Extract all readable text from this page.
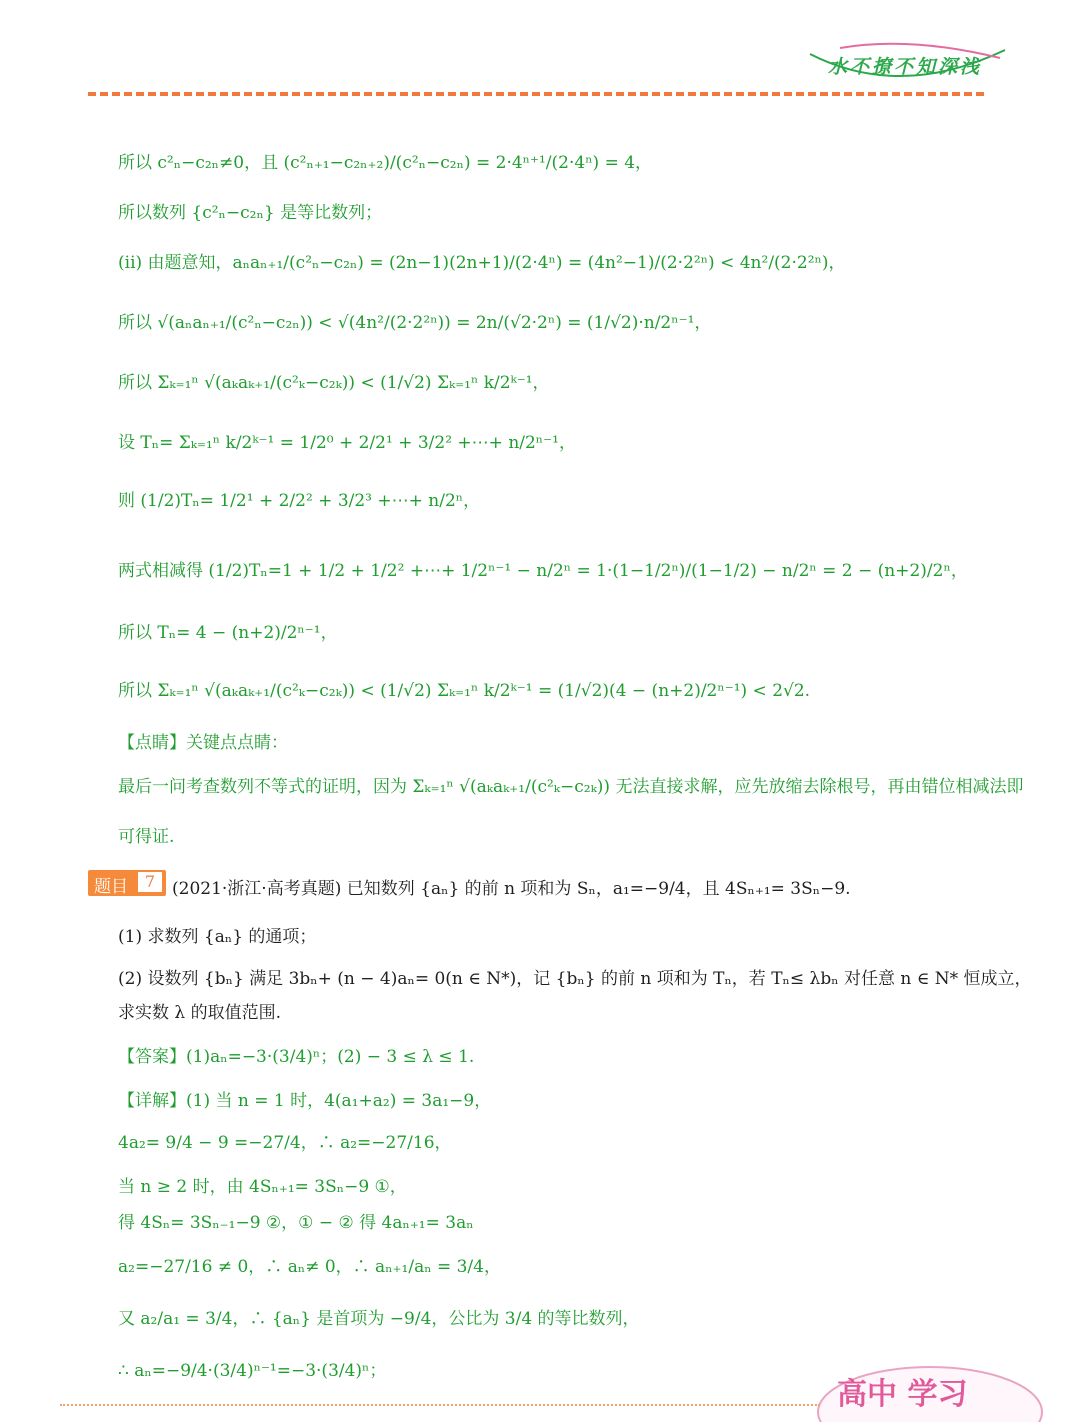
水不撩不知深浅
所以 c²ₙ−c₂ₙ≠0，且 (c²ₙ₊₁−c₂ₙ₊₂)/(c²ₙ−c₂ₙ) = 2·4ⁿ⁺¹/(2·4ⁿ) = 4，
所以数列 {c²ₙ−c₂ₙ} 是等比数列；
(ii) 由题意知，aₙaₙ₊₁/(c²ₙ−c₂ₙ) = (2n−1)(2n+1)/(2·4ⁿ) = (4n²−1)/(2·2²ⁿ) < 4n²/(2·2²ⁿ)，
所以 √(aₙaₙ₊₁/(c²ₙ−c₂ₙ)) < √(4n²/(2·2²ⁿ)) = 2n/(√2·2ⁿ) = (1/√2)·n/2ⁿ⁻¹，
所以 Σₖ₌₁ⁿ √(aₖaₖ₊₁/(c²ₖ−c₂ₖ)) < (1/√2) Σₖ₌₁ⁿ k/2ᵏ⁻¹，
设 Tₙ= Σₖ₌₁ⁿ k/2ᵏ⁻¹ = 1/2⁰ + 2/2¹ + 3/2² +⋯+ n/2ⁿ⁻¹，
则 (1/2)Tₙ= 1/2¹ + 2/2² + 3/2³ +⋯+ n/2ⁿ，
两式相减得 (1/2)Tₙ=1 + 1/2 + 1/2² +⋯+ 1/2ⁿ⁻¹ − n/2ⁿ = 1·(1−1/2ⁿ)/(1−1/2) − n/2ⁿ = 2 − (n+2)/2ⁿ，
所以 Tₙ= 4 − (n+2)/2ⁿ⁻¹，
所以 Σₖ₌₁ⁿ √(aₖaₖ₊₁/(c²ₖ−c₂ₖ)) < (1/√2) Σₖ₌₁ⁿ k/2ᵏ⁻¹ = (1/√2)(4 − (n+2)/2ⁿ⁻¹) < 2√2.
【点睛】关键点点睛：
最后一问考查数列不等式的证明，因为 Σₖ₌₁ⁿ √(aₖaₖ₊₁/(c²ₖ−c₂ₖ)) 无法直接求解，应先放缩去除根号，再由错位相减法即
可得证.
题目	7 (2021·浙江·高考真题) 已知数列 {aₙ} 的前 n 项和为 Sₙ，a₁=−9/4，且 4Sₙ₊₁= 3Sₙ−9.
(1) 求数列 {aₙ} 的通项；
(2) 设数列 {bₙ} 满足 3bₙ+ (n − 4)aₙ= 0(n ∈ N*)，记 {bₙ} 的前 n 项和为 Tₙ，若 Tₙ≤ λbₙ 对任意 n ∈ N* 恒成立，
求实数 λ 的取值范围.
【答案】(1)aₙ=−3·(3/4)ⁿ；(2) − 3 ≤ λ ≤ 1.
【详解】(1) 当 n = 1 时，4(a₁+a₂) = 3a₁−9，
4a₂= 9/4 − 9 =−27/4，∴ a₂=−27/16，
当 n ≥ 2 时，由 4Sₙ₊₁= 3Sₙ−9 ①，
得 4Sₙ= 3Sₙ₋₁−9 ②，① − ② 得 4aₙ₊₁= 3aₙ
a₂=−27/16 ≠ 0，∴ aₙ≠ 0，∴ aₙ₊₁/aₙ = 3/4，
又 a₂/a₁ = 3/4，∴ {aₙ} 是首项为 −9/4，公比为 3/4 的等比数列，
∴ aₙ=−9/4·(3/4)ⁿ⁻¹=−3·(3/4)ⁿ；
高中 学习
